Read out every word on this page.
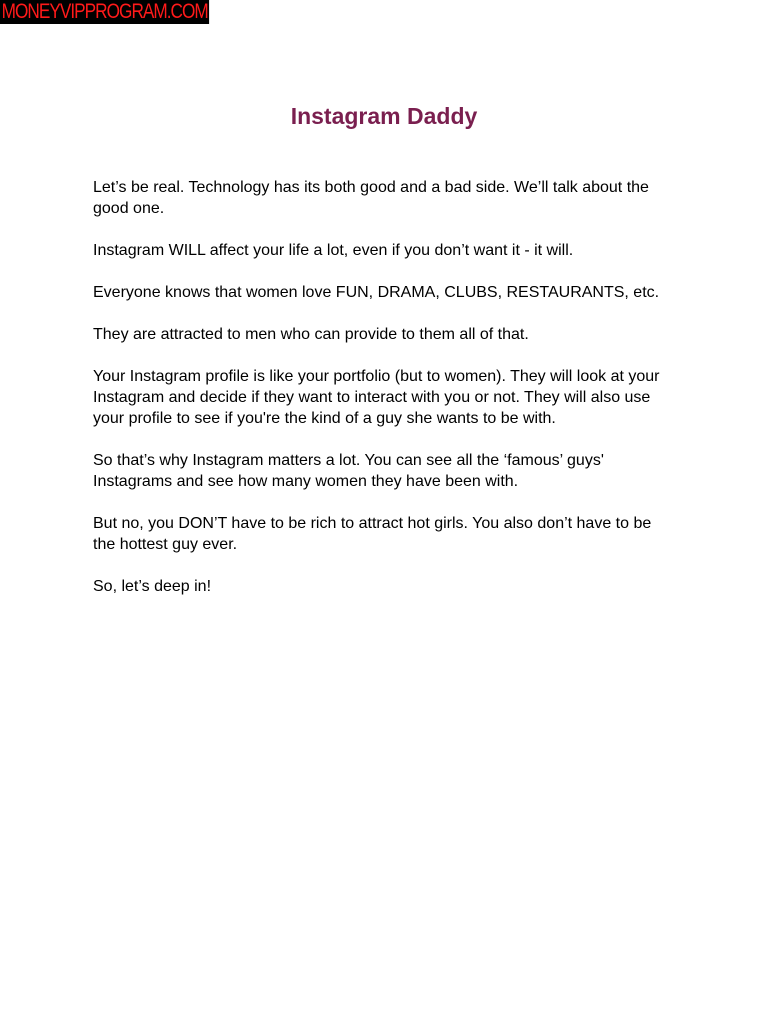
MONEYVIPPROGRAM.COM
Instagram Daddy

Let’s be real. Technology has its both good and a bad side. We’ll talk about the good one.

Instagram WILL affect your life a lot, even if you don’t want it - it will.

Everyone knows that women love FUN, DRAMA, CLUBS, RESTAURANTS, etc.

They are attracted to men who can provide to them all of that.

Your Instagram profile is like your portfolio (but to women). They will look at your Instagram and decide if they want to interact with you or not. They will also use your profile to see if you're the kind of a guy she wants to be with.

So that’s why Instagram matters a lot. You can see all the ‘famous’ guys' Instagrams and see how many women they have been with.

But no, you DON’T have to be rich to attract hot girls. You also don’t have to be the hottest guy ever.

So, let’s deep in!
